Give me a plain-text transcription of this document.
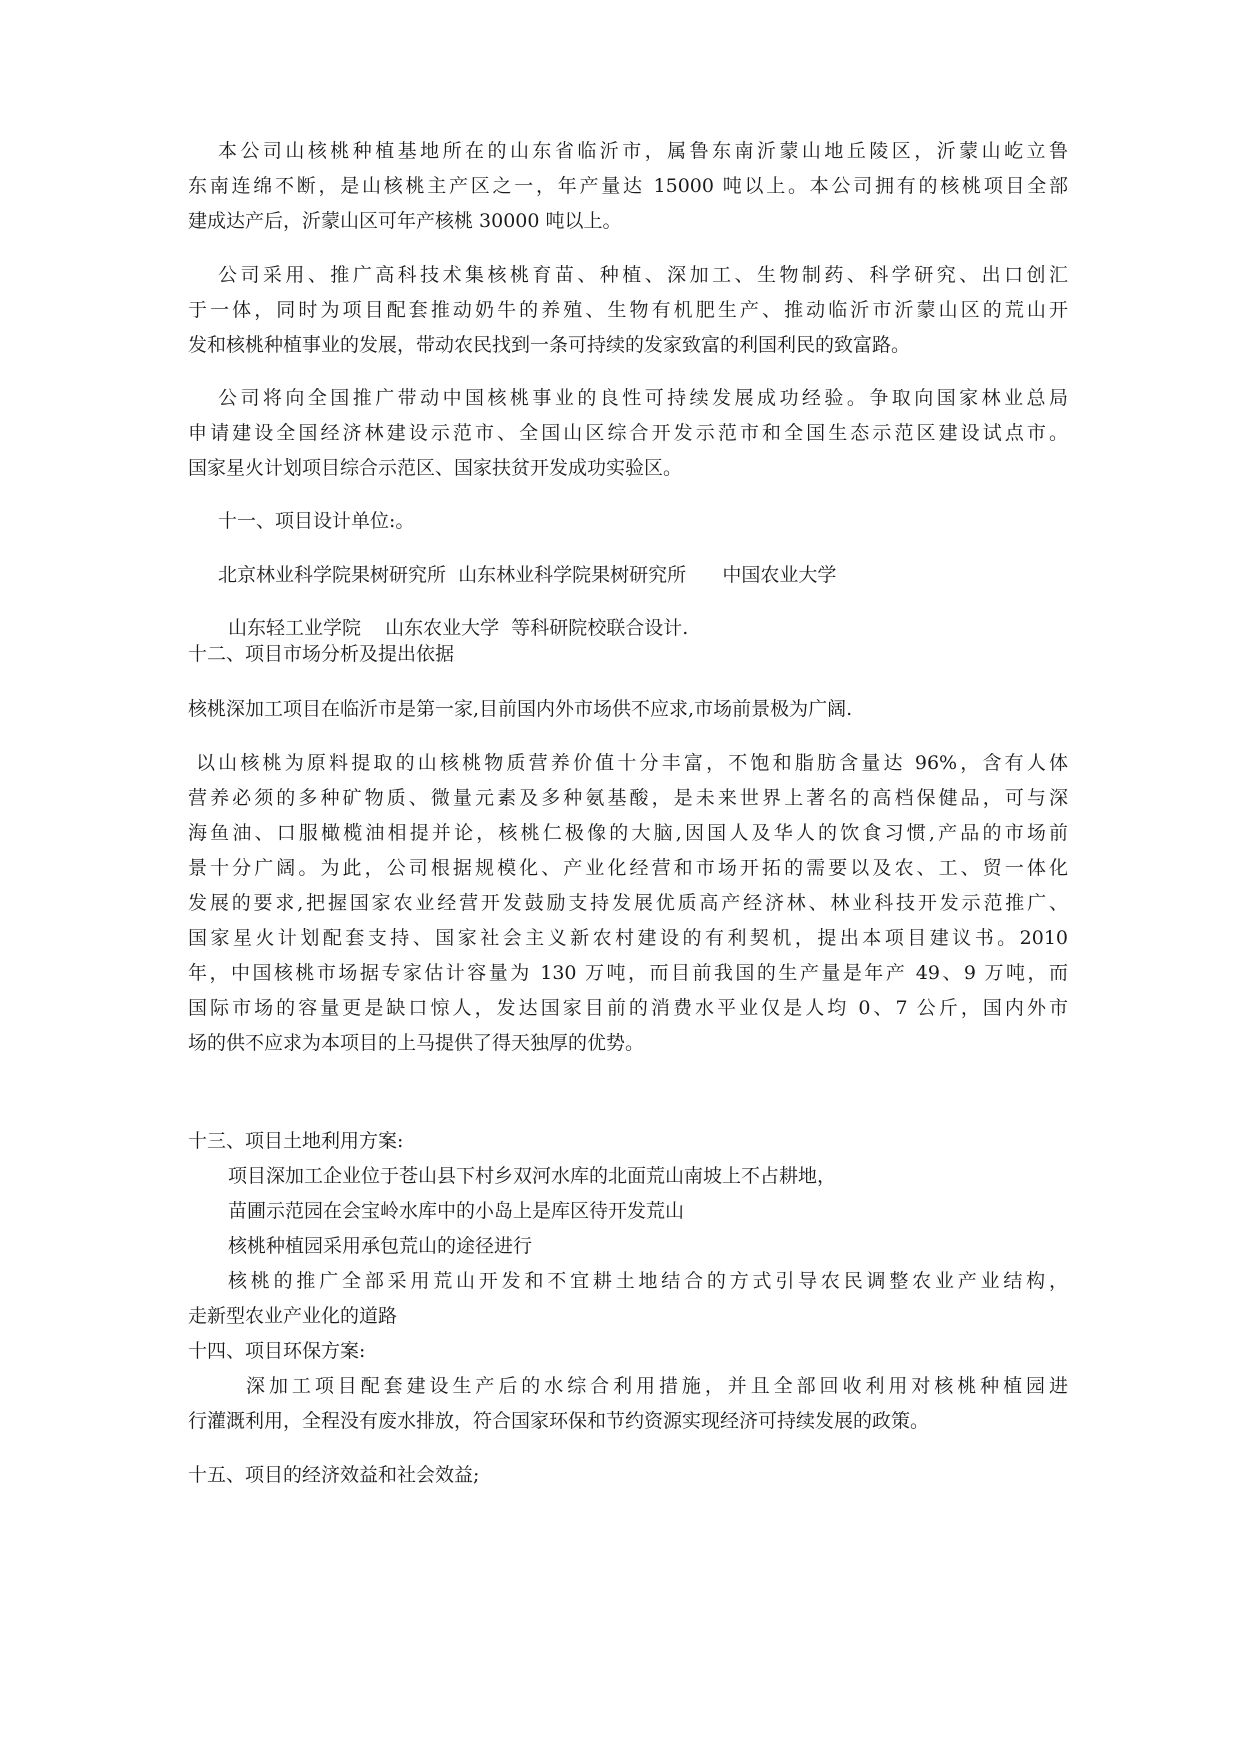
本公司山核桃种植基地所在的山东省临沂市，属鲁东南沂蒙山地丘陵区，沂蒙山屹立鲁

东南连绵不断，是山核桃主产区之一，年产量达 15000 吨以上。本公司拥有的核桃项目全部

建成达产后，沂蒙山区可年产核桃 30000 吨以上。

公司采用、推广高科技术集核桃育苗、种植、深加工、生物制药、科学研究、出口创汇

于一体，同时为项目配套推动奶牛的养殖、生物有机肥生产、推动临沂市沂蒙山区的荒山开

发和核桃种植事业的发展，带动农民找到一条可持续的发家致富的利国利民的致富路。

公司将向全国推广带动中国核桃事业的良性可持续发展成功经验。争取向国家林业总局

申请建设全国经济林建设示范市、全国山区综合开发示范市和全国生态示范区建设试点市。

国家星火计划项目综合示范区、国家扶贫开发成功实验区。

十一、项目设计单位:。

北京林业科学院果树研究所  山东林业科学院果树研究所      中国农业大学

山东轻工业学院    山东农业大学  等科研院校联合设计.

十二、项目市场分析及提出依据

核桃深加工项目在临沂市是第一家,目前国内外市场供不应求,市场前景极为广阔.

以山核桃为原料提取的山核桃物质营养价值十分丰富，不饱和脂肪含量达 96%，含有人体

营养必须的多种矿物质、微量元素及多种氨基酸，是未来世界上著名的高档保健品，可与深

海鱼油、口服橄榄油相提并论，核桃仁极像的大脑,因国人及华人的饮食习惯,产品的市场前

景十分广阔。为此，公司根据规模化、产业化经营和市场开拓的需要以及农、工、贸一体化

发展的要求,把握国家农业经营开发鼓励支持发展优质高产经济林、林业科技开发示范推广、

国家星火计划配套支持、国家社会主义新农村建设的有利契机，提出本项目建议书。2010

年，中国核桃市场据专家估计容量为 130 万吨，而目前我国的生产量是年产 49、9 万吨，而

国际市场的容量更是缺口惊人，发达国家目前的消费水平业仅是人均 0、7 公斤，国内外市

场的供不应求为本项目的上马提供了得天独厚的优势。

十三、项目土地利用方案:

项目深加工企业位于苍山县下村乡双河水库的北面荒山南坡上不占耕地，

苗圃示范园在会宝岭水库中的小岛上是库区待开发荒山

核桃种植园采用承包荒山的途径进行

核桃的推广全部采用荒山开发和不宜耕土地结合的方式引导农民调整农业产业结构，

走新型农业产业化的道路

十四、项目环保方案:

深加工项目配套建设生产后的水综合利用措施，并且全部回收利用对核桃种植园进

行灌溉利用，全程没有废水排放，符合国家环保和节约资源实现经济可持续发展的政策。

十五、项目的经济效益和社会效益;
